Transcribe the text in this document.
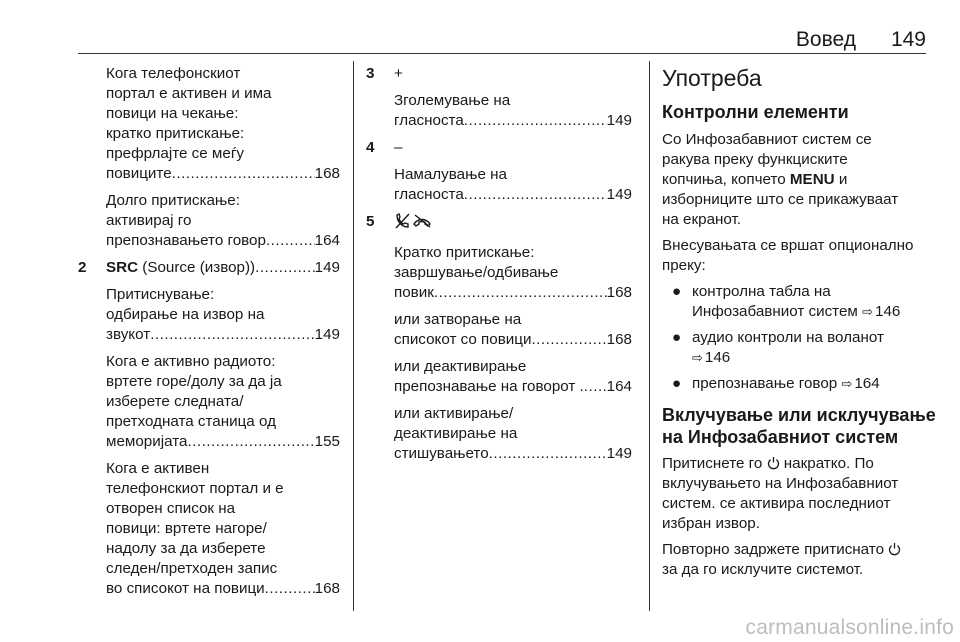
Вовед 149
Кога телефонскиот
портал е активен и има
повици на чекање:
кратко притискање:
префрлајте се меѓу
повиците .....	168
Долго притискање:
активирај го
препознавањето говор .....	164
2 SRC (Source (извор)) .....	149
Притиснување:
одбирање на извор на
звукот .....	149
Кога е активно радиото:
вртете горе/долу за да ја
изберете следната/
претходната станица од
меморијата .....	155
Кога е активен
телефонскиот портал и е
отворен список на
повици: вртете нагоре/
надолу за да изберете
следен/претходен запис
во списокот на повици .....	168
3 +
Зголемување на
гласноста .....	149
4 –
Намалување на
гласноста .....	149
5
Кратко притискање:
завршување/одбивање
повик .....	168
или затворање на
списокот со повици .....	168
или деактивирање
препознавање на говорот . ..... 164
или активирање/
деактивирање на
стишувањето .....	149
Употреба
Контролни елементи

Со Инфозабавниот систем се
ракува преку функциските
копчиња, копчето MENU и
изборниците што се прикажуваат
на екранот.

Внесувањата се вршат опционално
преку:

● контролна табла на
Инфозабавниот систем ⇨ 146
● аудио контроли на воланот
⇨ 146
● препознавање говор ⇨ 164
Вклучување или исклучување
на Инфозабавниот систем

Притиснете го  накратко. По
вклучувањето на Инфозабавниот
систем. се активира последниот
избран извор.

Повторно задржете притиснато
за да го исклучите системот.

carmanualsonline.info
